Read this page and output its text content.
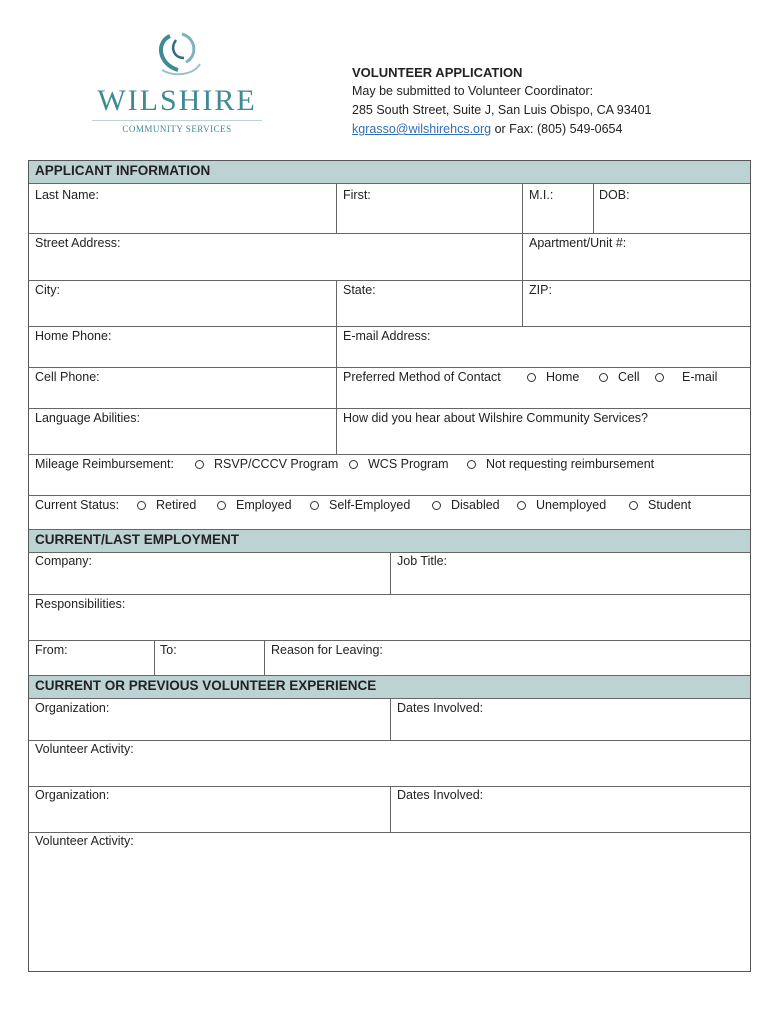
WILSHIRE
COMMUNITY SERVICES
VOLUNTEER APPLICATION
May be submitted to Volunteer Coordinator:
285 South Street, Suite J, San Luis Obispo, CA 93401
kgrasso@wilshirehcs.org or Fax: (805) 549-0654
APPLICANT INFORMATION
Last Name:	First:	M.I.:	DOB:
Street Address:	Apartment/Unit #:
City:	State:	ZIP:
Home Phone:	E-mail Address:
Cell Phone:	Preferred Method of Contact	Home	Cell	E-mail
Language Abilities:	How did you hear about Wilshire Community Services?
Mileage Reimbursement:	RSVP/CCCV Program WCS Program	Not requesting reimbursement
Current Status:	Retired	Employed	Self-Employed	Disabled	Unemployed	Student
CURRENT/LAST EMPLOYMENT
Company:	Job Title:
Responsibilities:
From:	To:	Reason for Leaving:
CURRENT OR PREVIOUS VOLUNTEER EXPERIENCE
Organization:	Dates Involved:
Volunteer Activity:
Organization:	Dates Involved:
Volunteer Activity:
